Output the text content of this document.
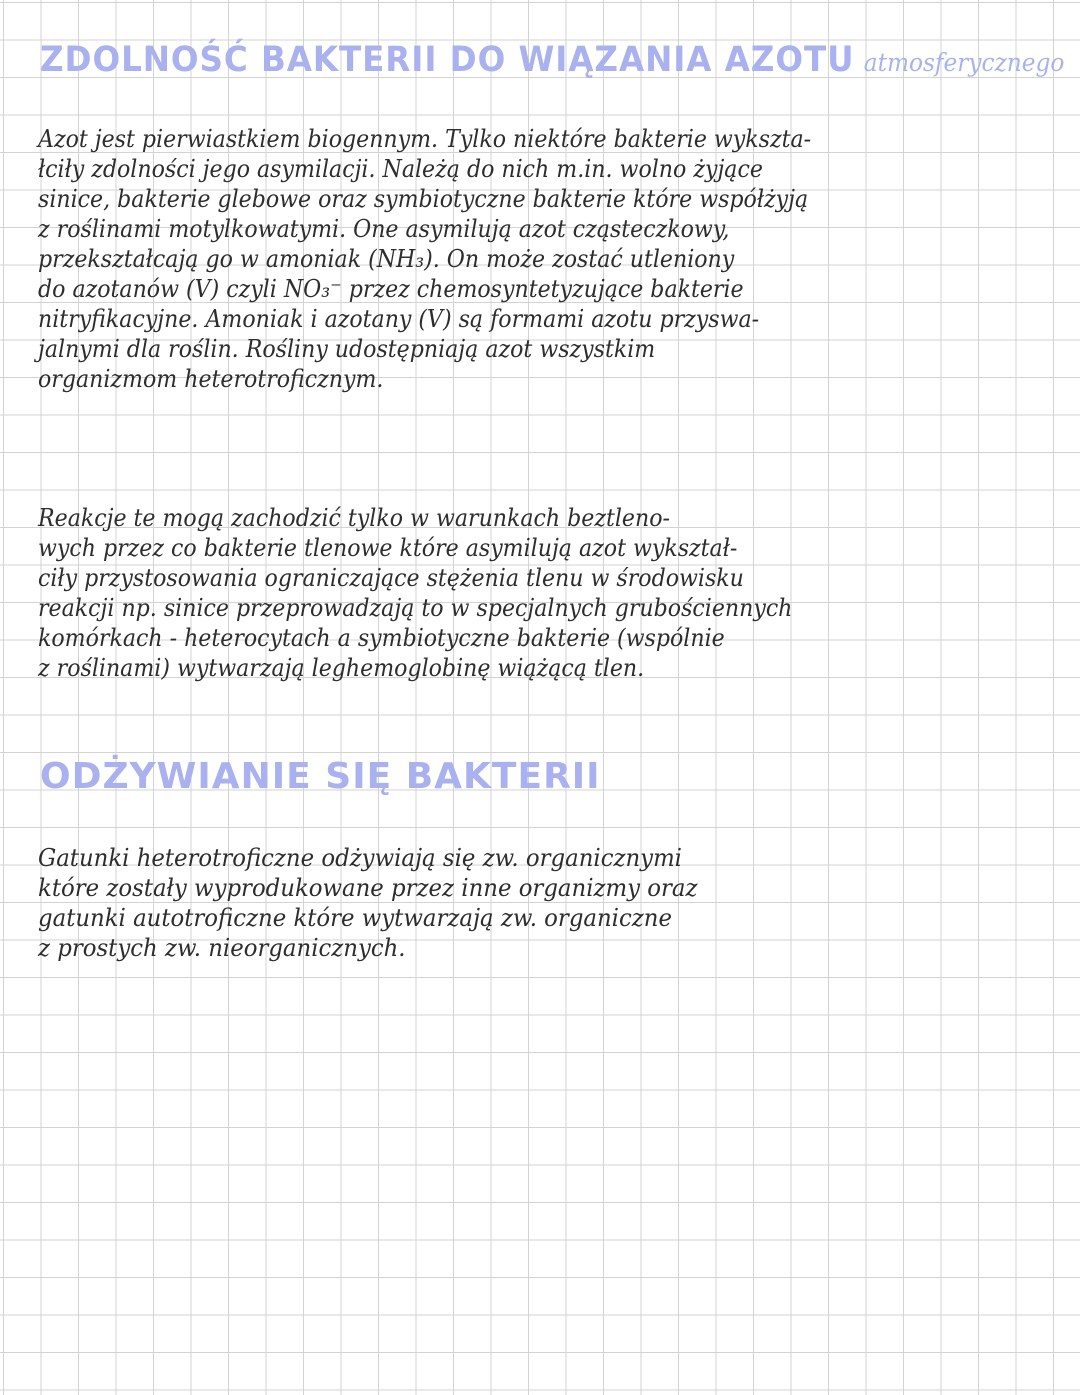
ZDOLNOŚĆ BAKTERII DO WIĄZANIA AZOTU atmosferycznego
Azot jest pierwiastkiem biogennym. Tylko niektóre bakterie wykszta-
łciły zdolności jego asymilacji. Należą do nich m.in. wolno żyjące
sinice, bakterie glebowe oraz symbiotyczne bakterie które współżyją
z roślinami motylkowatymi. One asymilują azot cząsteczkowy,
przekształcają go w amoniak (NH₃). On może zostać utleniony
do azotanów (V) czyli NO₃⁻ przez chemosyntetyzujące bakterie
nitryfikacyjne. Amoniak i azotany (V) są formami azotu przyswa-
jalnymi dla roślin. Rośliny udostępniają azot wszystkim
organizmom heterotroficznym.
Reakcje te mogą zachodzić tylko w warunkach beztleno-
wych przez co bakterie tlenowe które asymilują azot wykształ-
ciły przystosowania ograniczające stężenia tlenu w środowisku
reakcji np. sinice przeprowadzają to w specjalnych grubościennych
komórkach - heterocytach a symbiotyczne bakterie (wspólnie
z roślinami) wytwarzają leghemoglobinę wiążącą tlen.
ODŻYWIANIE SIĘ BAKTERII
Gatunki heterotroficzne odżywiają się zw. organicznymi
które zostały wyprodukowane przez inne organizmy oraz
gatunki autotroficzne które wytwarzają zw. organiczne
z prostych zw. nieorganicznych.
